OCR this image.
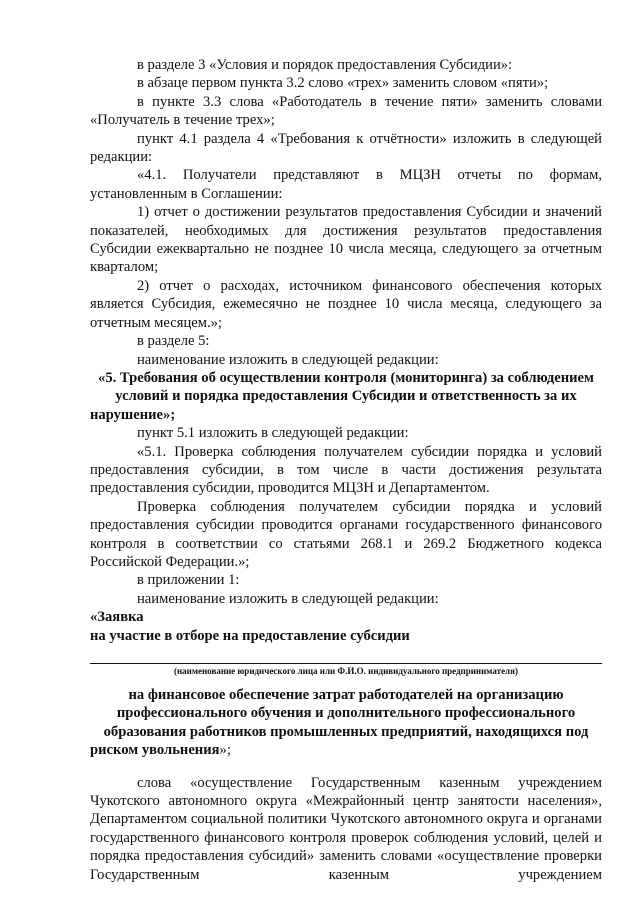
в разделе 3 «Условия и порядок предоставления Субсидии»:

в абзаце первом пункта 3.2 слово «трех» заменить словом «пяти»;

в пункте 3.3 слова «Работодатель в течение пяти» заменить словами «Получатель в течение трех»;

пункт 4.1 раздела 4 «Требования к отчётности» изложить в следующей редакции:

«4.1. Получатели представляют в МЦЗН отчеты по формам, установленным в Соглашении:

1) отчет о достижении результатов предоставления Субсидии и значений показателей, необходимых для достижения результатов предоставления Субсидии ежеквартально не позднее 10 числа месяца, следующего за отчетным кварталом;

2) отчет о расходах, источником финансового обеспечения которых является Субсидия, ежемесячно не позднее 10 числа месяца, следующего за отчетным месяцем.»;

в разделе 5:

наименование изложить в следующей редакции:

«5. Требования об осуществлении контроля (мониторинга) за соблюдением условий и порядка предоставления Субсидии и ответственность за их нарушение»;

пункт 5.1 изложить в следующей редакции:

«5.1. Проверка соблюдения получателем субсидии порядка и условий предоставления субсидии, в том числе в части достижения результата предоставления субсидии, проводится МЦЗН и Департаментом.

Проверка соблюдения получателем субсидии порядка и условий предоставления субсидии проводится органами государственного финансового контроля в соответствии со статьями 268.1 и 269.2 Бюджетного кодекса Российской Федерации.»;

в приложении 1:

наименование изложить в следующей редакции:

«Заявка

на участие в отборе на предоставление субсидии

(наименование юридического лица или Ф.И.О. индивидуального предпринимателя)

на финансовое обеспечение затрат работодателей на организацию профессионального обучения и дополнительного профессионального образования работников промышленных предприятий, находящихся под риском увольнения»;

слова «осуществление Государственным казенным учреждением Чукотского автономного округа «Межрайонный центр занятости населения», Департаментом социальной политики Чукотского автономного округа и органами государственного финансового контроля проверок соблюдения условий, целей и порядка предоставления субсидий» заменить словами «осуществление проверки Государственным казенным учреждением
